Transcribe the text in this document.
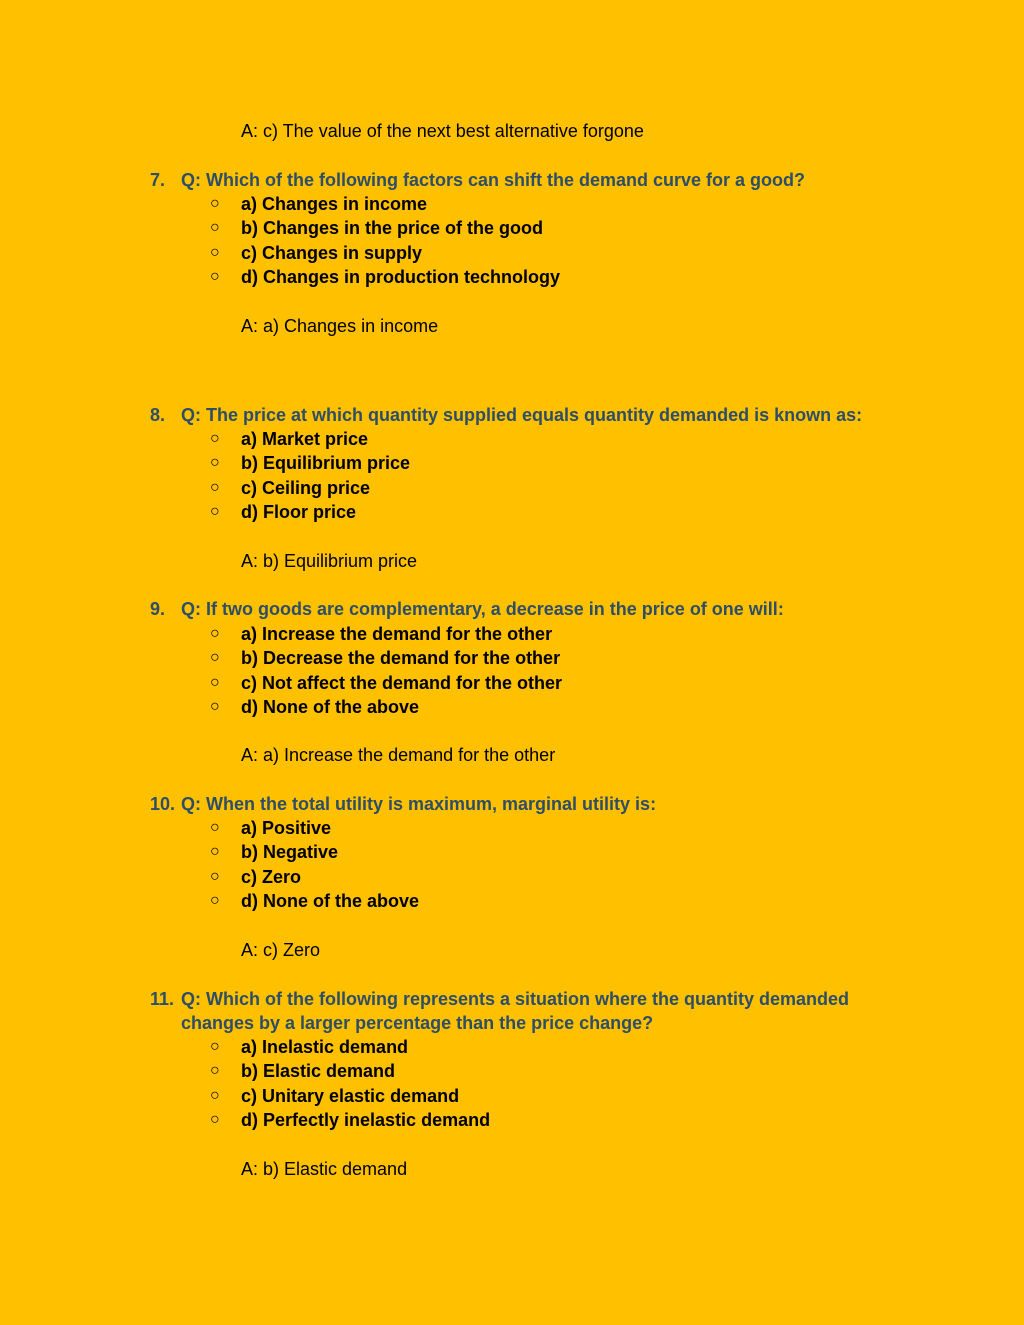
A: c) The value of the next best alternative forgone
7. Q: Which of the following factors can shift the demand curve for a good?
○ a) Changes in income
○ b) Changes in the price of the good
○ c) Changes in supply
○ d) Changes in production technology
A: a) Changes in income
8. Q: The price at which quantity supplied equals quantity demanded is known as:
○ a) Market price
○ b) Equilibrium price
○ c) Ceiling price
○ d) Floor price
A: b) Equilibrium price
9. Q: If two goods are complementary, a decrease in the price of one will:
○ a) Increase the demand for the other
○ b) Decrease the demand for the other
○ c) Not affect the demand for the other
○ d) None of the above
A: a) Increase the demand for the other
10. Q: When the total utility is maximum, marginal utility is:
○ a) Positive
○ b) Negative
○ c) Zero
○ d) None of the above
A: c) Zero
11. Q: Which of the following represents a situation where the quantity demanded changes by a larger percentage than the price change?
○ a) Inelastic demand
○ b) Elastic demand
○ c) Unitary elastic demand
○ d) Perfectly inelastic demand
A: b) Elastic demand
